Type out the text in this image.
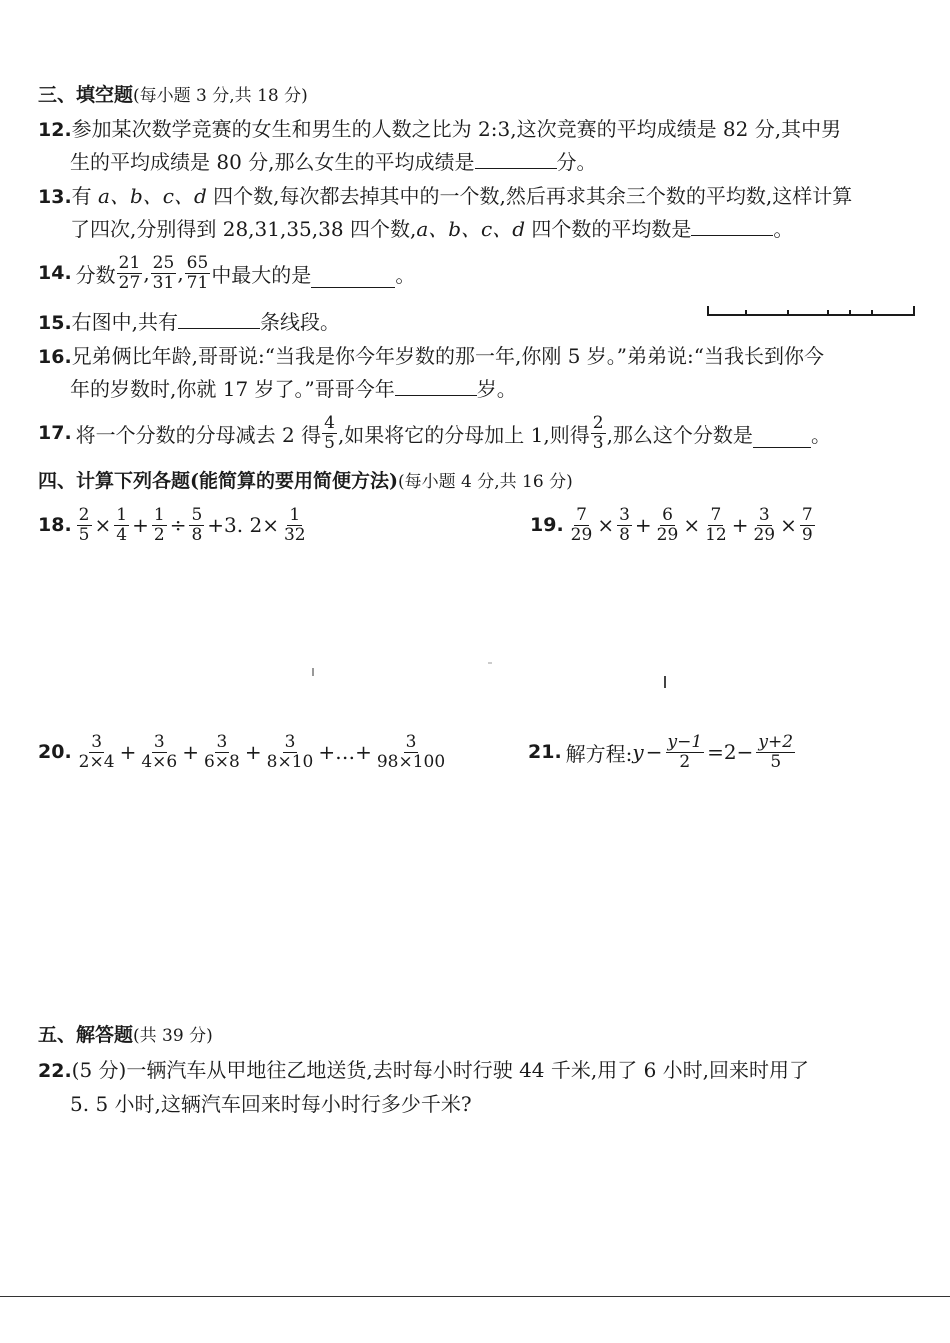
三、填空题(每小题 3 分,共 18 分)
12.参加某次数学竞赛的女生和男生的人数之比为 2:3,这次竞赛的平均成绩是 82 分,其中男
生的平均成绩是 80 分,那么女生的平均成绩是	分。
13.有 a、b、c、d 四个数,每次都去掉其中的一个数,然后再求其余三个数的平均数,这样计算
了四次,分别得到 28,31,35,38 四个数,a、b、c、d 四个数的平均数是	。
14. 分数 $\frac{21}{27}$ , $\frac{25}{31}$ , $\frac{65}{71}$ 中最大的是	。
15.右图中,共有	条线段。
16.兄弟俩比年龄,哥哥说:“当我是你今年岁数的那一年,你刚 5 岁。”弟弟说:“当我长到你今
年的岁数时,你就 17 岁了。”哥哥今年	岁。
17. 将一个分数的分母减去 2 得 $\frac{4}{5}$ ,如果将它的分母加上 1,则得 $\frac{2}{3}$ ,那么这个分数是	。
四、计算下列各题(能简算的要用简便方法)(每小题 4 分,共 16 分)
18. $\frac{2}{5} \times \frac{1}{4} + \frac{1}{2} \div \frac{5}{8} +3$. $2\times \frac{1}{32}$	19. $\frac{7}{29} \times \frac{3}{8} + \frac{6}{29} \times \frac{7}{12} + \frac{3}{29} \times \frac{7}{9}$
20. $\frac{3}{2\times 4} + \frac{3}{4\times 6} + \frac{3}{6\times 8} + \frac{3}{8\times 10}$ +…+ $\frac{3}{98\times 100}$	21. 解方程: $y - \frac{y-1}{2} =2- \frac{y+2}{5}$
五、解答题(共 39 分)
22.(5 分)一辆汽车从甲地往乙地送货,去时每小时行驶 44 千米,用了 6 小时,回来时用了
5. 5 小时,这辆汽车回来时每小时行多少千米?
